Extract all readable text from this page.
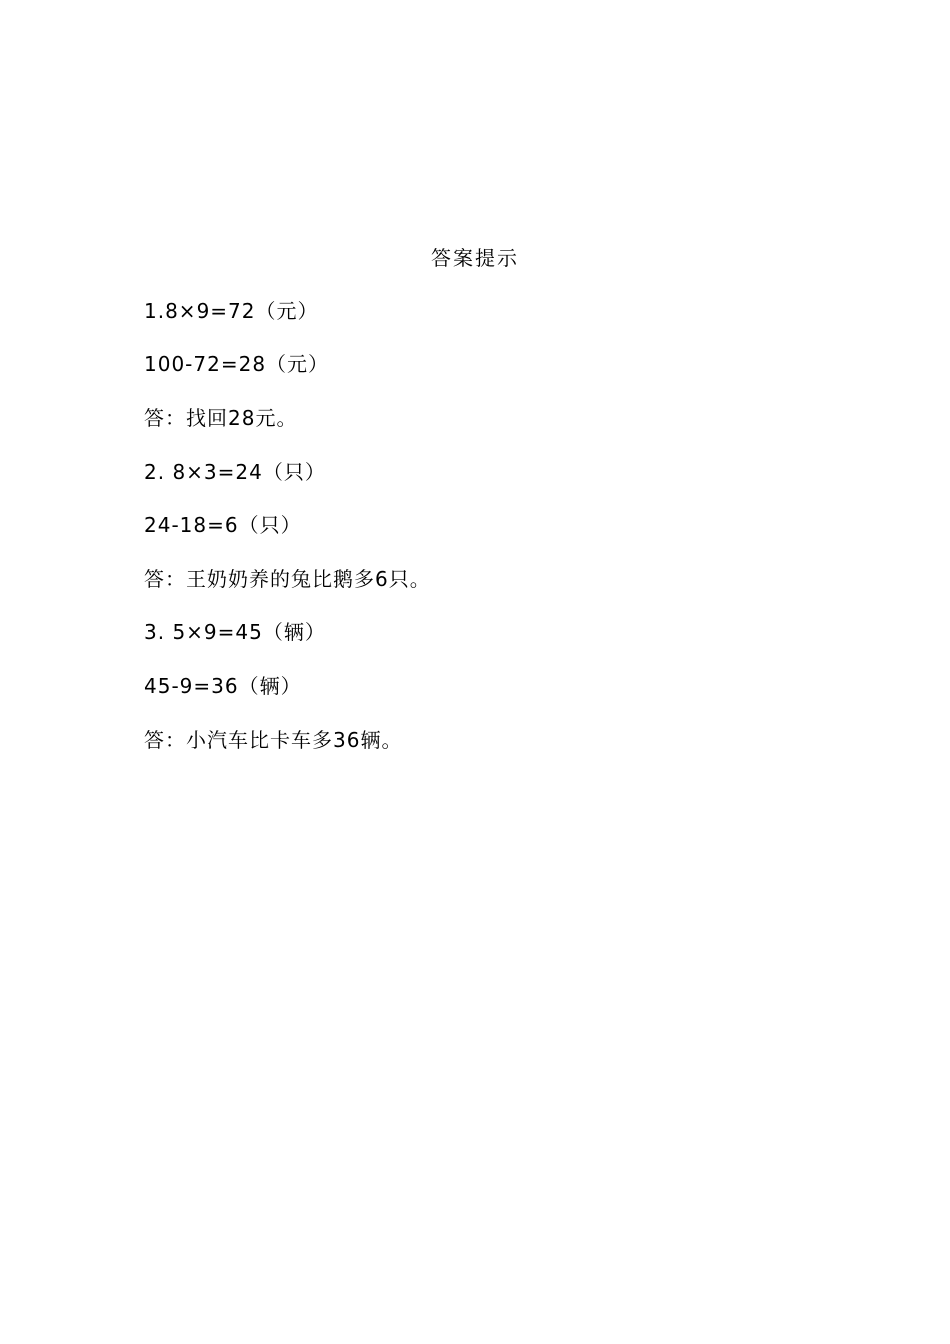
答案提示
1.8×9=72（元）
100-72=28（元）
答：找回28元。
2. 8×3=24（只）
24-18=6（只）
答：王奶奶养的兔比鹅多6只。
3. 5×9=45（辆）
45-9=36（辆）
答：小汽车比卡车多36辆。
